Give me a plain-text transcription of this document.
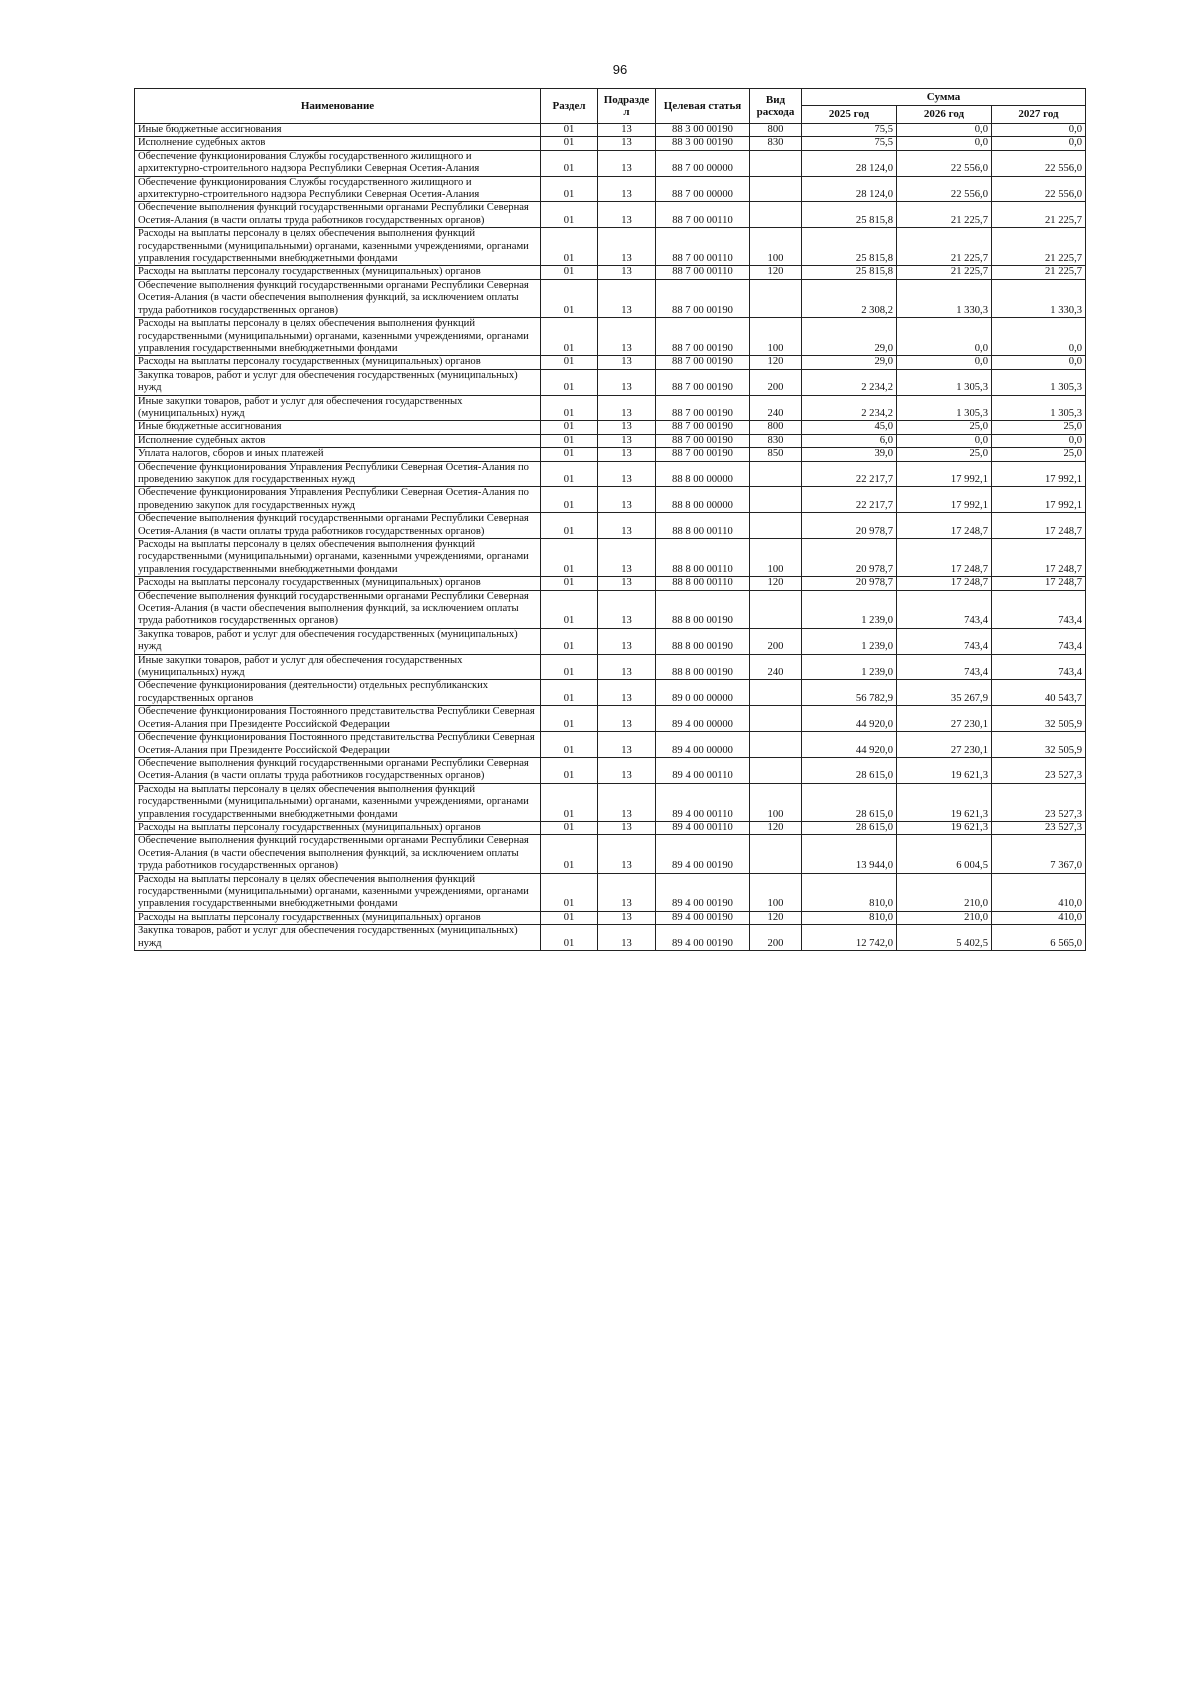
96
Наименование	Раздел	Подразде л	Целевая статья	Вид расхода	Сумма		
					2025 год	2026 год	2027 год
Иные бюджетные ассигнования	01	13	88 3 00 00190	800	75,5	0,0	0,0
Исполнение судебных актов	01	13	88 3 00 00190	830	75,5	0,0	0,0
Обеспечение функционирования Службы государственного жилищного и архитектурно-строительного надзора Республики Северная Осетия-Алания	01	13	88 7 00 00000		28 124,0	22 556,0	22 556,0
Обеспечение функционирования Службы государственного жилищного и архитектурно-строительного надзора Республики Северная Осетия-Алания	01	13	88 7 00 00000		28 124,0	22 556,0	22 556,0
Обеспечение выполнения функций государственными органами Республики Северная Осетия-Алания (в части оплаты труда работников государственных органов)	01	13	88 7 00 00110		25 815,8	21 225,7	21 225,7
Расходы на выплаты персоналу в целях обеспечения выполнения функций государственными (муниципальными) органами, казенными учреждениями, органами управления государственными внебюджетными фондами	01	13	88 7 00 00110	100	25 815,8	21 225,7	21 225,7
Расходы на выплаты персоналу государственных (муниципальных) органов	01	13	88 7 00 00110	120	25 815,8	21 225,7	21 225,7
Обеспечение выполнения функций государственными органами Республики Северная Осетия-Алания (в части обеспечения выполнения функций, за исключением оплаты труда работников государственных органов)	01	13	88 7 00 00190		2 308,2	1 330,3	1 330,3
Расходы на выплаты персоналу в целях обеспечения выполнения функций государственными (муниципальными) органами, казенными учреждениями, органами управления государственными внебюджетными фондами	01	13	88 7 00 00190	100	29,0	0,0	0,0
Расходы на выплаты персоналу государственных (муниципальных) органов	01	13	88 7 00 00190	120	29,0	0,0	0,0
Закупка товаров, работ и услуг для обеспечения государственных (муниципальных) нужд	01	13	88 7 00 00190	200	2 234,2	1 305,3	1 305,3
Иные закупки товаров, работ и услуг для обеспечения государственных (муниципальных) нужд	01	13	88 7 00 00190	240	2 234,2	1 305,3	1 305,3
Иные бюджетные ассигнования	01	13	88 7 00 00190	800	45,0	25,0	25,0
Исполнение судебных актов	01	13	88 7 00 00190	830	6,0	0,0	0,0
Уплата налогов, сборов и иных платежей	01	13	88 7 00 00190	850	39,0	25,0	25,0
Обеспечение функционирования Управления Республики Северная Осетия-Алания по проведению закупок для государственных нужд	01	13	88 8 00 00000		22 217,7	17 992,1	17 992,1
Обеспечение функционирования Управления Республики Северная Осетия-Алания по проведению закупок для государственных нужд	01	13	88 8 00 00000		22 217,7	17 992,1	17 992,1
Обеспечение выполнения функций государственными органами Республики Северная Осетия-Алания (в части оплаты труда работников государственных органов)	01	13	88 8 00 00110		20 978,7	17 248,7	17 248,7
Расходы на выплаты персоналу в целях обеспечения выполнения функций государственными (муниципальными) органами, казенными учреждениями, органами управления государственными внебюджетными фондами	01	13	88 8 00 00110	100	20 978,7	17 248,7	17 248,7
Расходы на выплаты персоналу государственных (муниципальных) органов	01	13	88 8 00 00110	120	20 978,7	17 248,7	17 248,7
Обеспечение выполнения функций государственными органами Республики Северная Осетия-Алания (в части обеспечения выполнения функций, за исключением оплаты труда работников государственных органов)	01	13	88 8 00 00190		1 239,0	743,4	743,4
Закупка товаров, работ и услуг для обеспечения государственных (муниципальных) нужд	01	13	88 8 00 00190	200	1 239,0	743,4	743,4
Иные закупки товаров, работ и услуг для обеспечения государственных (муниципальных) нужд	01	13	88 8 00 00190	240	1 239,0	743,4	743,4
Обеспечение функционирования (деятельности) отдельных республиканских государственных органов	01	13	89 0 00 00000		56 782,9	35 267,9	40 543,7
Обеспечение функционирования Постоянного представительства Республики Северная Осетия-Алания при Президенте Российской Федерации	01	13	89 4 00 00000		44 920,0	27 230,1	32 505,9
Обеспечение функционирования Постоянного представительства Республики Северная Осетия-Алания при Президенте Российской Федерации	01	13	89 4 00 00000		44 920,0	27 230,1	32 505,9
Обеспечение выполнения функций государственными органами Республики Северная Осетия-Алания (в части оплаты труда работников государственных органов)	01	13	89 4 00 00110		28 615,0	19 621,3	23 527,3
Расходы на выплаты персоналу в целях обеспечения выполнения функций государственными (муниципальными) органами, казенными учреждениями, органами управления государственными внебюджетными фондами	01	13	89 4 00 00110	100	28 615,0	19 621,3	23 527,3
Расходы на выплаты персоналу государственных (муниципальных) органов	01	13	89 4 00 00110	120	28 615,0	19 621,3	23 527,3
Обеспечение выполнения функций государственными органами Республики Северная Осетия-Алания (в части обеспечения выполнения функций, за исключением оплаты труда работников государственных органов)	01	13	89 4 00 00190		13 944,0	6 004,5	7 367,0
Расходы на выплаты персоналу в целях обеспечения выполнения функций государственными (муниципальными) органами, казенными учреждениями, органами управления государственными внебюджетными фондами	01	13	89 4 00 00190	100	810,0	210,0	410,0
Расходы на выплаты персоналу государственных (муниципальных) органов	01	13	89 4 00 00190	120	810,0	210,0	410,0
Закупка товаров, работ и услуг для обеспечения государственных (муниципальных) нужд	01	13	89 4 00 00190	200	12 742,0	5 402,5	6 565,0
